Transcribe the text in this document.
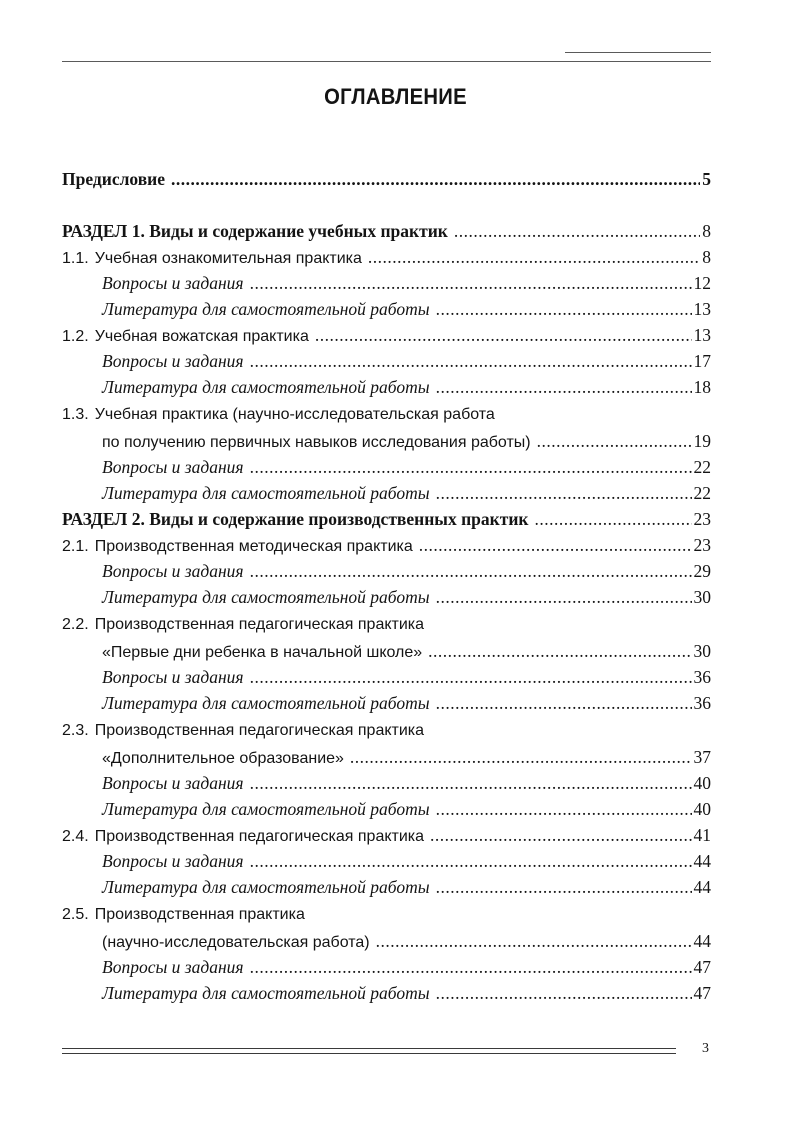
ОГЛАВЛЕНИЕ
Предисловие .....	5
РАЗДЕЛ 1. Виды и содержание учебных практик .....	8
1.1. Учебная ознакомительная практика .....	8
Вопросы и задания .....	12
Литература для самостоятельной работы .....	13
1.2. Учебная вожатская практика .....	13
Вопросы и задания .....	17
Литература для самостоятельной работы .....	18
1.3. Учебная практика (научно-исследовательская работа
по получению первичных навыков исследования работы) .....	19
Вопросы и задания .....	22
Литература для самостоятельной работы .....	22
РАЗДЕЛ 2. Виды и содержание производственных практик .....	23
2.1. Производственная методическая практика .....	23
Вопросы и задания .....	29
Литература для самостоятельной работы .....	30
2.2. Производственная педагогическая практика
«Первые дни ребенка в начальной школе» .....	30
Вопросы и задания .....	36
Литература для самостоятельной работы .....	36
2.3. Производственная педагогическая практика
«Дополнительное образование» .....	37
Вопросы и задания .....	40
Литература для самостоятельной работы .....	40
2.4. Производственная педагогическая практика .....	41
Вопросы и задания .....	44
Литература для самостоятельной работы .....	44
2.5. Производственная практика
(научно-исследовательская работа) .....	44
Вопросы и задания .....	47
Литература для самостоятельной работы .....	47
3
